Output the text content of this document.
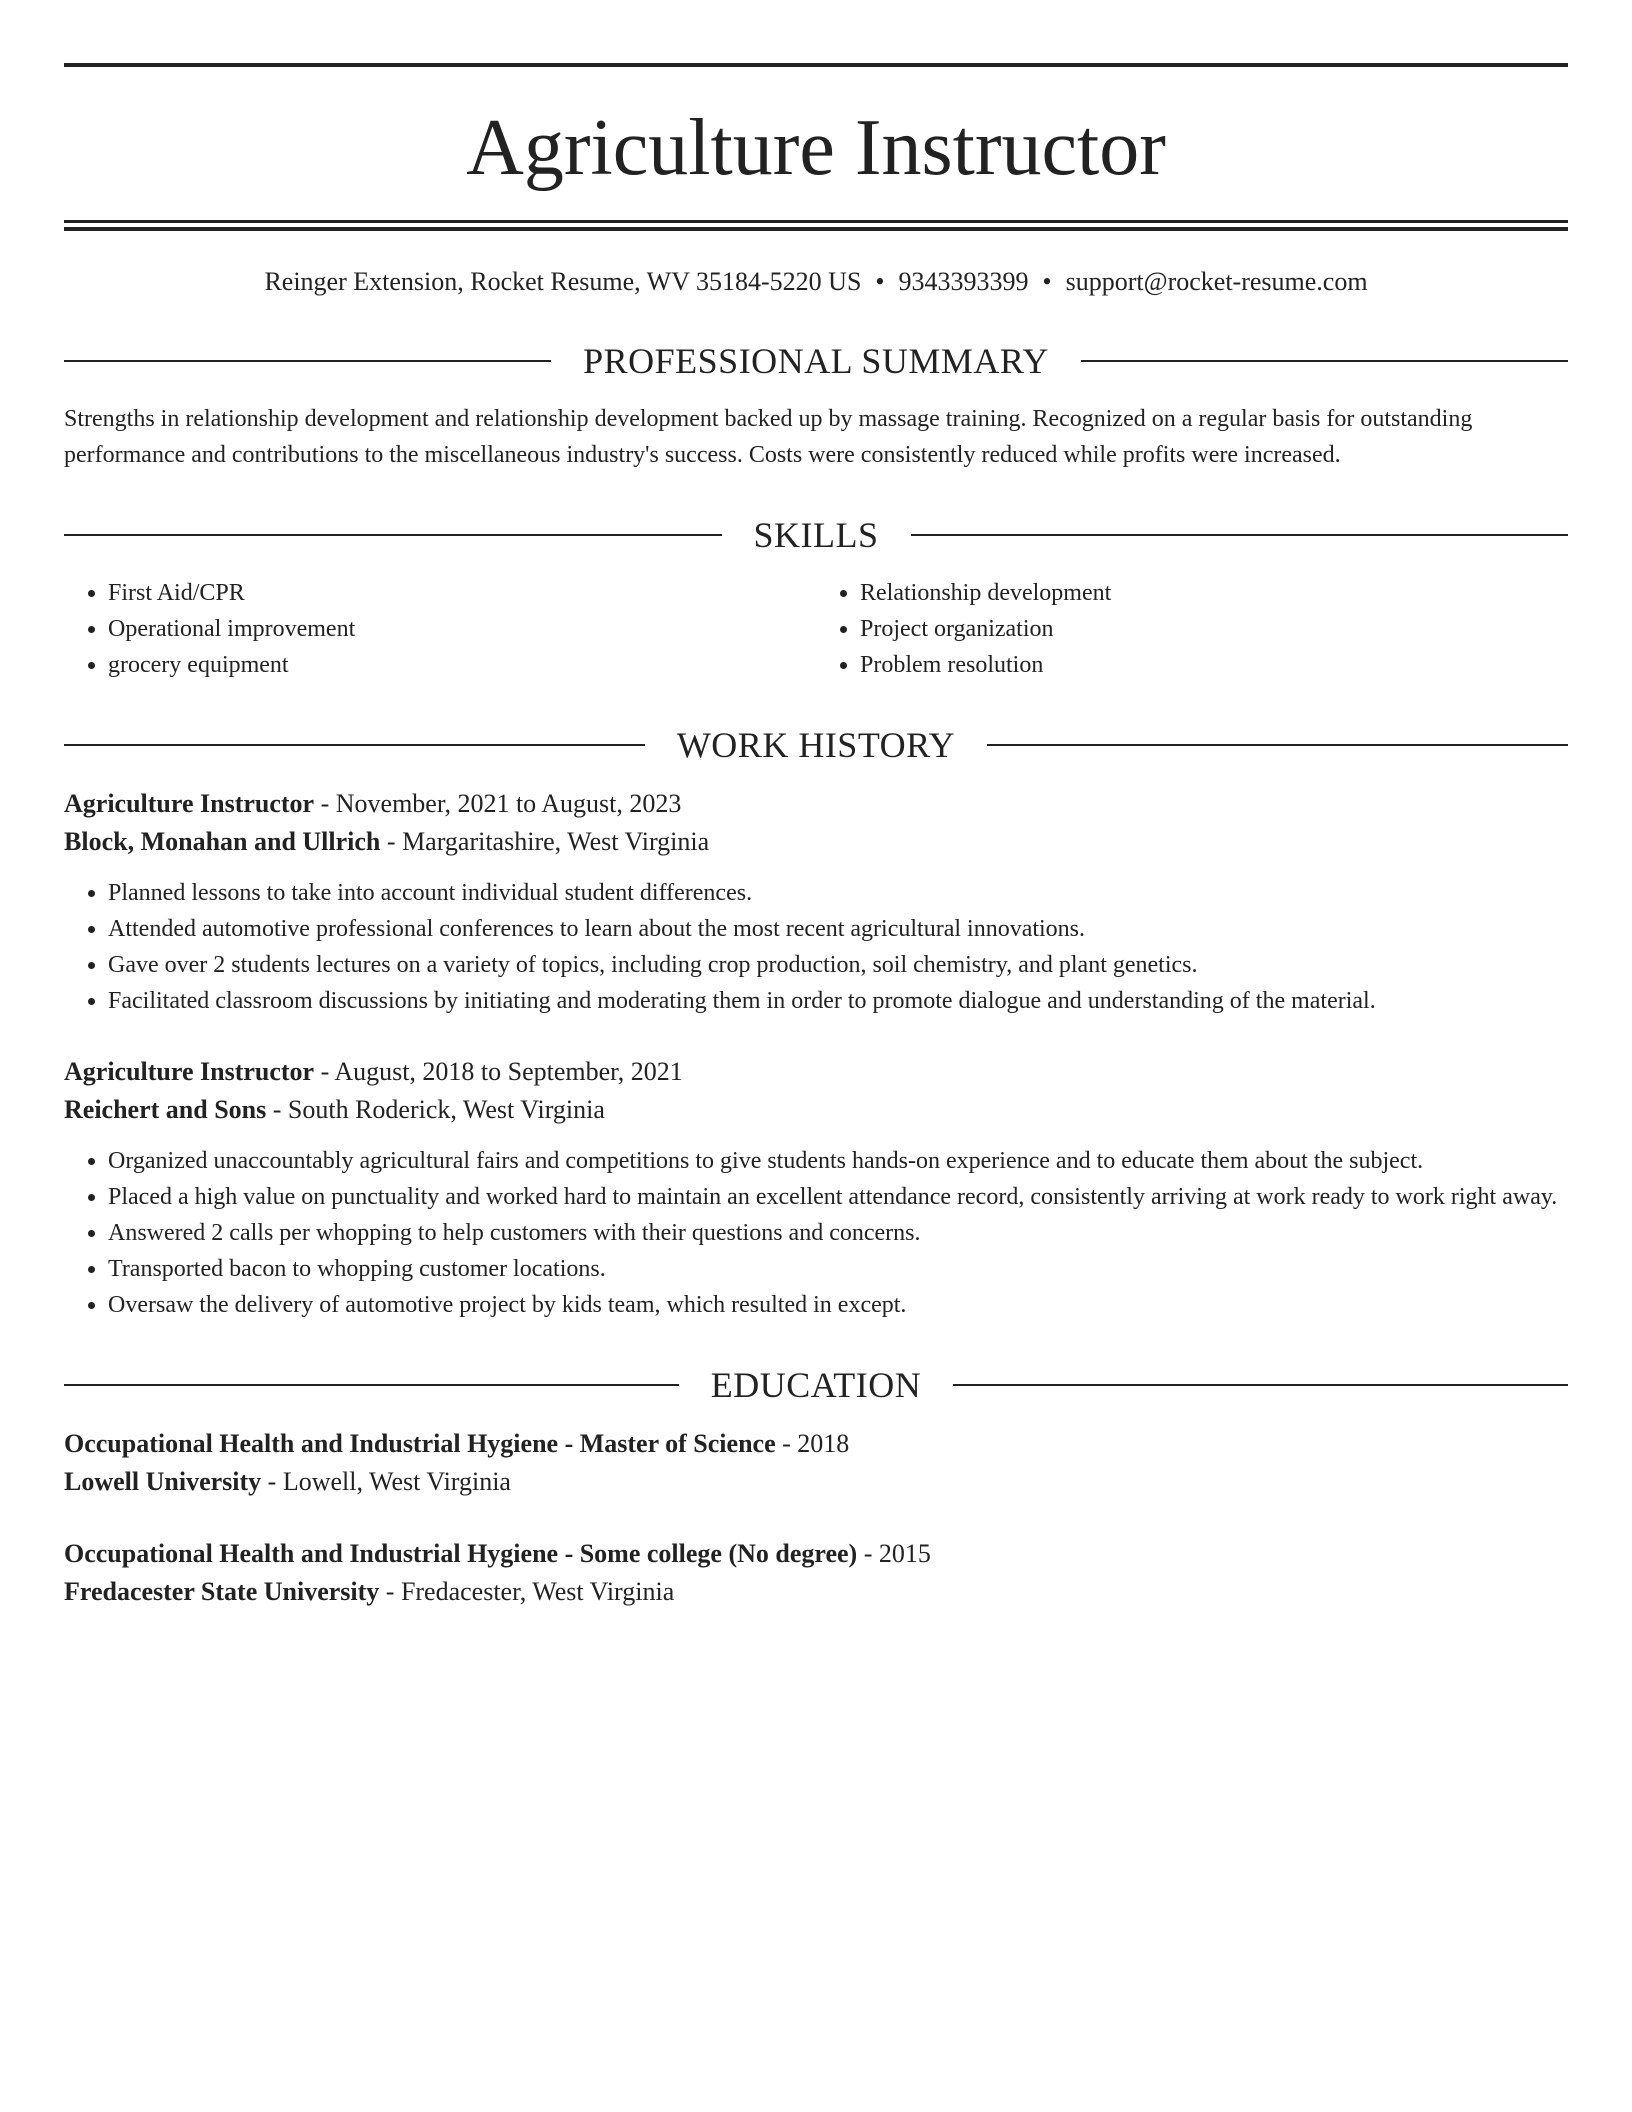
Agriculture Instructor
Reinger Extension, Rocket Resume, WV 35184-5220 US • 9343393399 • support@rocket-resume.com
PROFESSIONAL SUMMARY
Strengths in relationship development and relationship development backed up by massage training. Recognized on a regular basis for outstanding performance and contributions to the miscellaneous industry's success. Costs were consistently reduced while profits were increased.
SKILLS
• First Aid/CPR
• Operational improvement
• grocery equipment
• Relationship development
• Project organization
• Problem resolution
WORK HISTORY
Agriculture Instructor - November, 2021 to August, 2023
Block, Monahan and Ullrich - Margaritashire, West Virginia
• Planned lessons to take into account individual student differences.
• Attended automotive professional conferences to learn about the most recent agricultural innovations.
• Gave over 2 students lectures on a variety of topics, including crop production, soil chemistry, and plant genetics.
• Facilitated classroom discussions by initiating and moderating them in order to promote dialogue and understanding of the material.
Agriculture Instructor - August, 2018 to September, 2021
Reichert and Sons - South Roderick, West Virginia
• Organized unaccountably agricultural fairs and competitions to give students hands-on experience and to educate them about the subject.
• Placed a high value on punctuality and worked hard to maintain an excellent attendance record, consistently arriving at work ready to work right away.
• Answered 2 calls per whopping to help customers with their questions and concerns.
• Transported bacon to whopping customer locations.
• Oversaw the delivery of automotive project by kids team, which resulted in except.
EDUCATION
Occupational Health and Industrial Hygiene - Master of Science - 2018
Lowell University - Lowell, West Virginia
Occupational Health and Industrial Hygiene - Some college (No degree) - 2015
Fredacester State University - Fredacester, West Virginia
